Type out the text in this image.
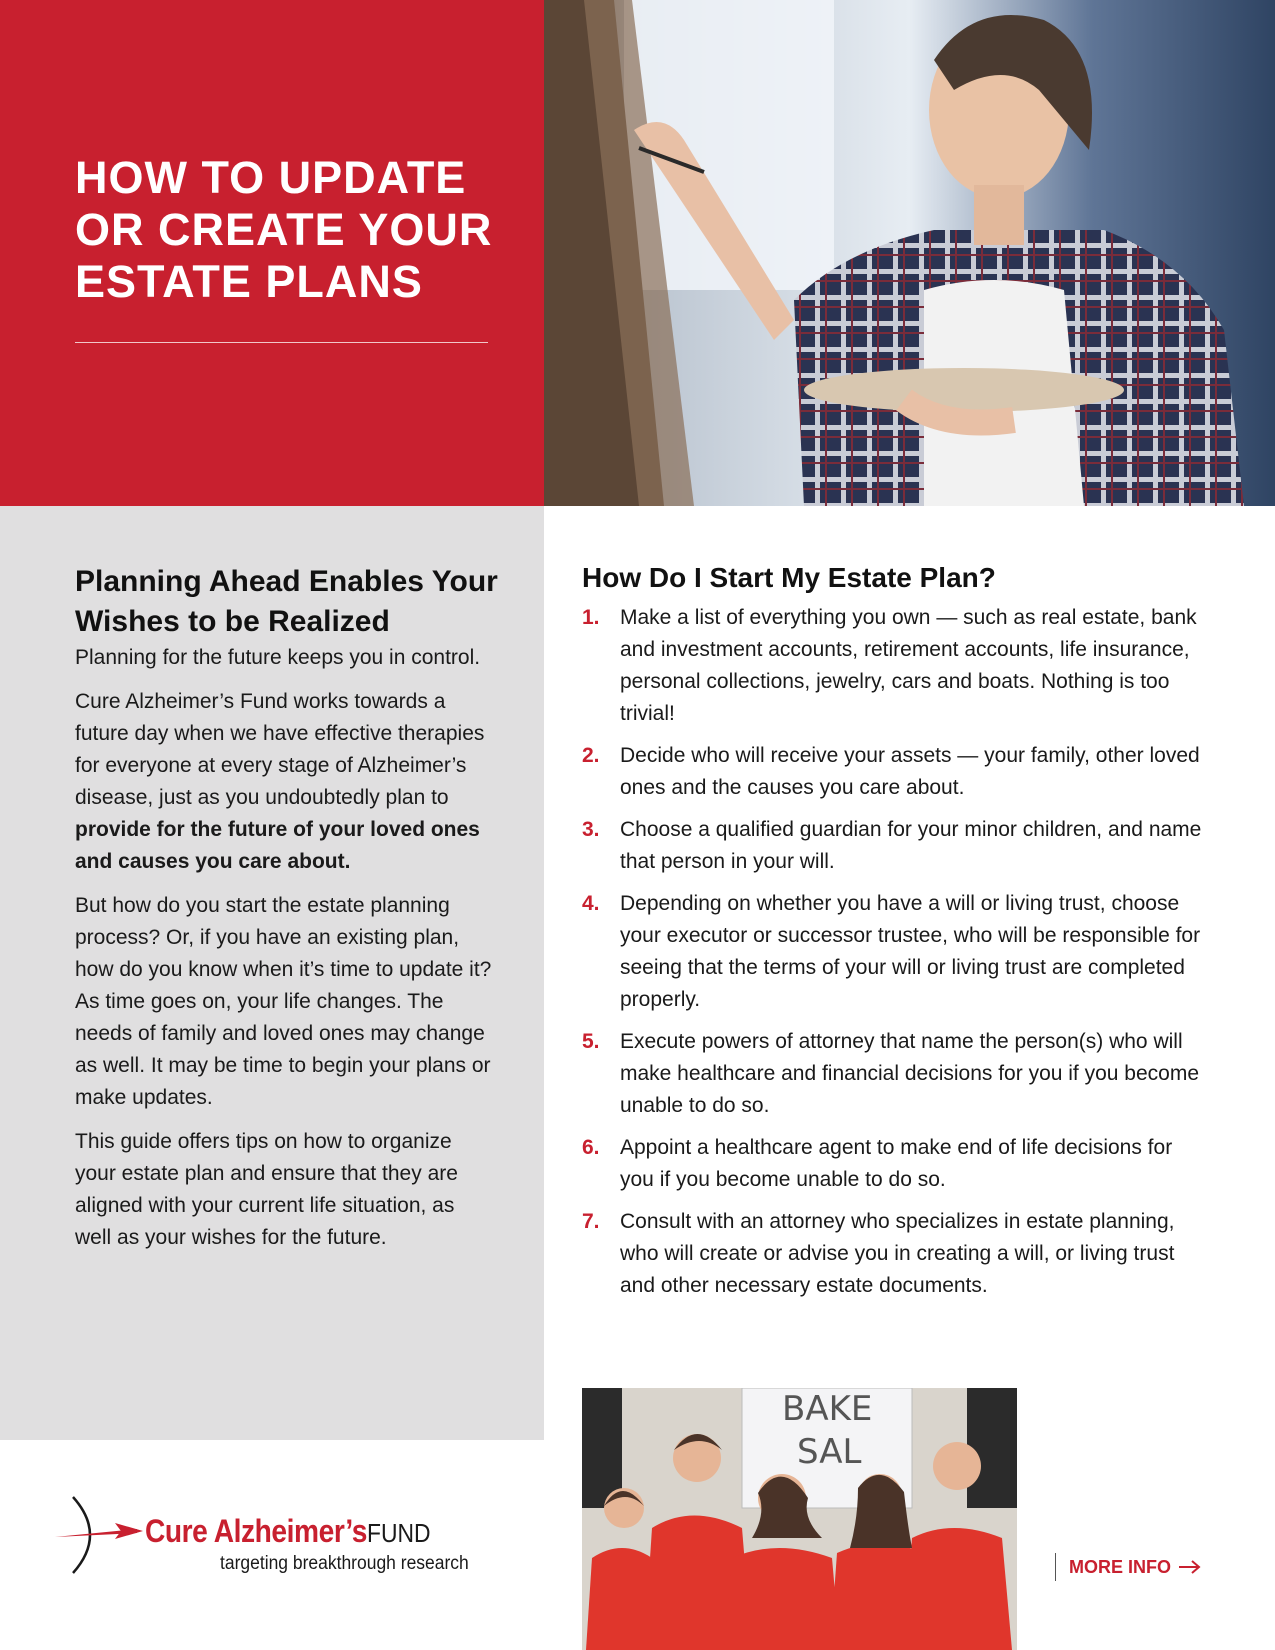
HOW TO UPDATE
OR CREATE YOUR
ESTATE PLANS
Planning Ahead Enables Your Wishes to be Realized

Planning for the future keeps you in control.

Cure Alzheimer’s Fund works towards a future day when we have effective therapies for everyone at every stage of Alzheimer’s disease, just as you undoubtedly plan to provide for the future of your loved ones and causes you care about.

But how do you start the estate planning process? Or, if you have an existing plan, how do you know when it’s time to update it? As time goes on, your life changes. The needs of family and loved ones may change as well. It may be time to begin your plans or make updates.

This guide offers tips on how to organize your estate plan and ensure that they are aligned with your current life situation, as well as your wishes for the future.

How Do I Start My Estate Plan?
1. Make a list of everything you own — such as real estate, bank and investment accounts, retirement accounts, life insurance, personal collections, jewelry, cars and boats. Nothing is too trivial!
2. Decide who will receive your assets — your family, other loved ones and the causes you care about.
3. Choose a qualified guardian for your minor children, and name that person in your will.
4. Depending on whether you have a will or living trust, choose your executor or successor trustee, who will be responsible for seeing that the terms of your will or living trust are completed properly.
5. Execute powers of attorney that name the person(s) who will make healthcare and financial decisions for you if you become unable to do so.
6. Appoint a healthcare agent to make end of life decisions for you if you become unable to do so.
7. Consult with an attorney who specializes in estate planning, who will create or advise you in creating a will, or living trust and other necessary estate documents.
BAKE
SAL
Cure Alzheimer’sFUND
targeting breakthrough research	MORE INFO
